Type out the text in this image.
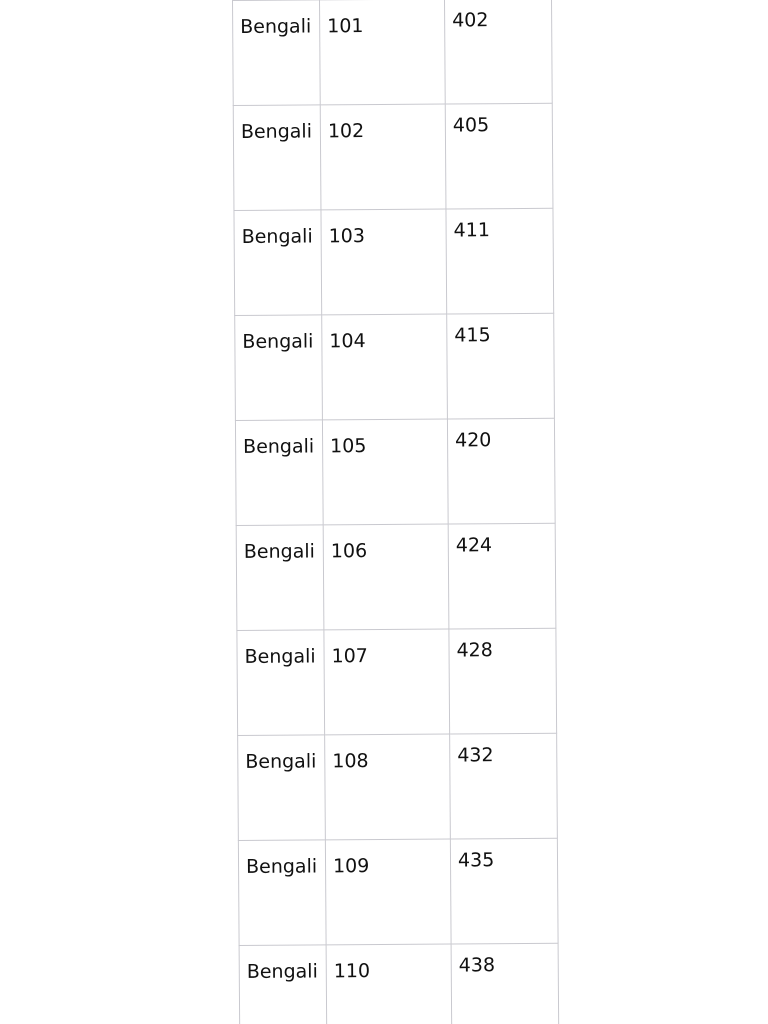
Bengali	101	402

Bengali	102	405

Bengali	103	411

Bengali	104	415

Bengali	105	420

Bengali	106	424

Bengali	107	428

Bengali	108	432

Bengali	109	435

Bengali	110	438
